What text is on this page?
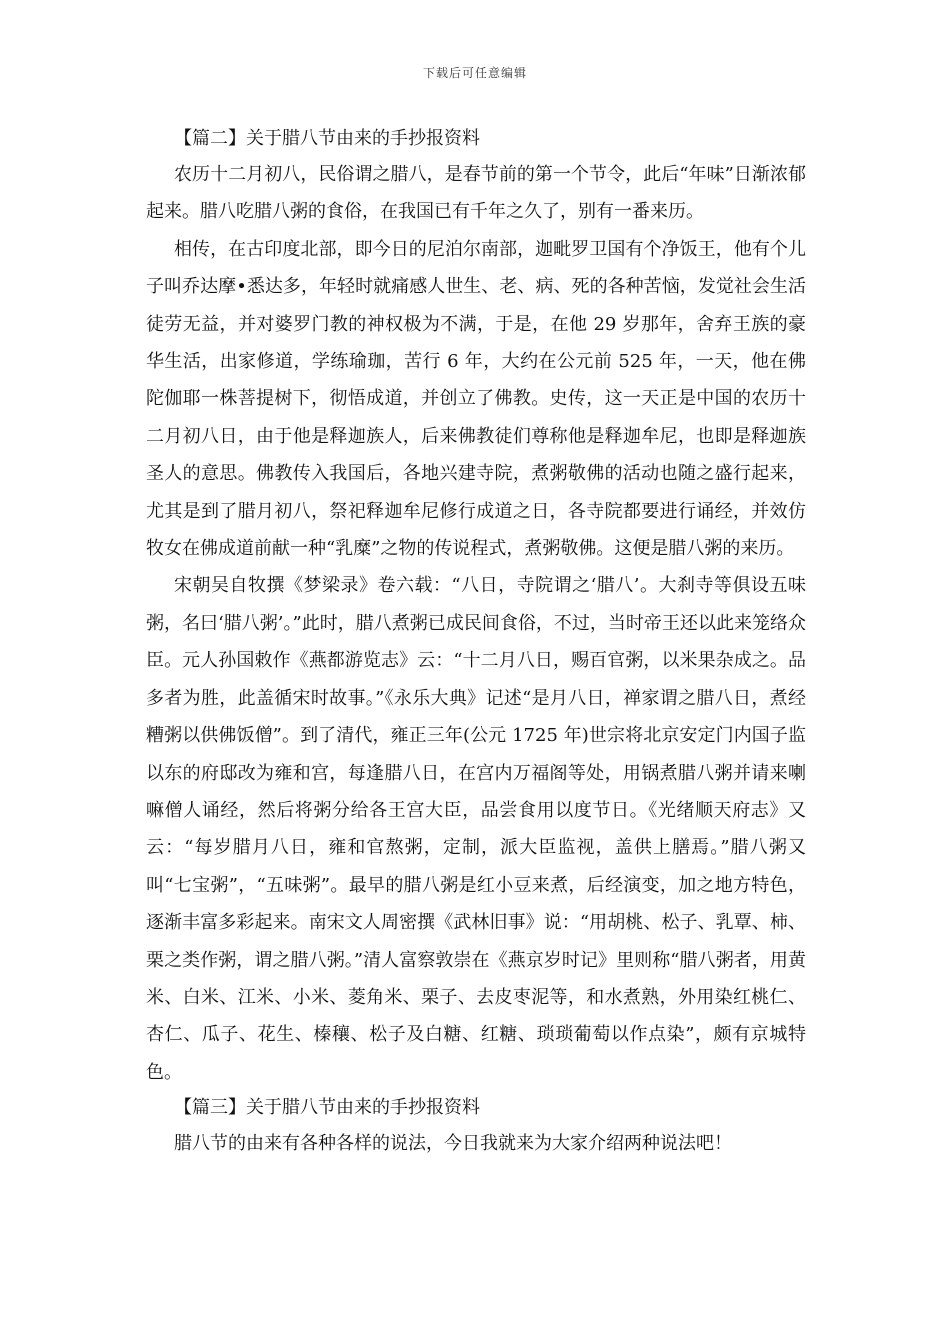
下载后可任意编辑
【篇二】关于腊八节由来的手抄报资料

农历十二月初八，民俗谓之腊八，是春节前的第一个节令，此后“年味”日渐浓郁起来。腊八吃腊八粥的食俗，在我国已有千年之久了，别有一番来历。

相传，在古印度北部，即今日的尼泊尔南部，迦毗罗卫国有个净饭王，他有个儿子叫乔达摩•悉达多，年轻时就痛感人世生、老、病、死的各种苦恼，发觉社会生活徒劳无益，并对婆罗门教的神权极为不满，于是，在他 29 岁那年，舍弃王族的豪华生活，出家修道，学练瑜珈，苦行 6 年，大约在公元前 525 年，一天，他在佛陀伽耶一株菩提树下，彻悟成道，并创立了佛教。史传，这一天正是中国的农历十二月初八日，由于他是释迦族人，后来佛教徒们尊称他是释迦牟尼，也即是释迦族圣人的意思。佛教传入我国后，各地兴建寺院，煮粥敬佛的活动也随之盛行起来，尤其是到了腊月初八，祭祀释迦牟尼修行成道之日，各寺院都要进行诵经，并效仿牧女在佛成道前献一种“乳糜”之物的传说程式，煮粥敬佛。这便是腊八粥的来历。

宋朝吴自牧撰《梦梁录》卷六载：“八日，寺院谓之‘腊八’。大刹寺等俱设五味粥，名曰‘腊八粥’。”此时，腊八煮粥已成民间食俗，不过，当时帝王还以此来笼络众臣。元人孙国敕作《燕都游览志》云：“十二月八日，赐百官粥，以米果杂成之。品多者为胜，此盖循宋时故事。”《永乐大典》记述“是月八日，禅家谓之腊八日，煮经糟粥以供佛饭僧”。到了清代，雍正三年(公元 1725 年)世宗将北京安定门内国子监以东的府邸改为雍和宫，每逢腊八日，在宫内万福阁等处，用锅煮腊八粥并请来喇嘛僧人诵经，然后将粥分给各王宫大臣，品尝食用以度节日。《光绪顺天府志》又云：“每岁腊月八日，雍和官熬粥，定制，派大臣监视，盖供上膳焉。”腊八粥又叫“七宝粥”，“五味粥”。最早的腊八粥是红小豆来煮，后经演变，加之地方特色，逐渐丰富多彩起来。南宋文人周密撰《武林旧事》说：“用胡桃、松子、乳覃、柿、栗之类作粥，谓之腊八粥。”清人富察敦崇在《燕京岁时记》里则称“腊八粥者，用黄米、白米、江米、小米、菱角米、栗子、去皮枣泥等，和水煮熟，外用染红桃仁、杏仁、瓜子、花生、榛穰、松子及白糖、红糖、琐琐葡萄以作点染”，颇有京城特色。

【篇三】关于腊八节由来的手抄报资料

腊八节的由来有各种各样的说法，今日我就来为大家介绍两种说法吧！
